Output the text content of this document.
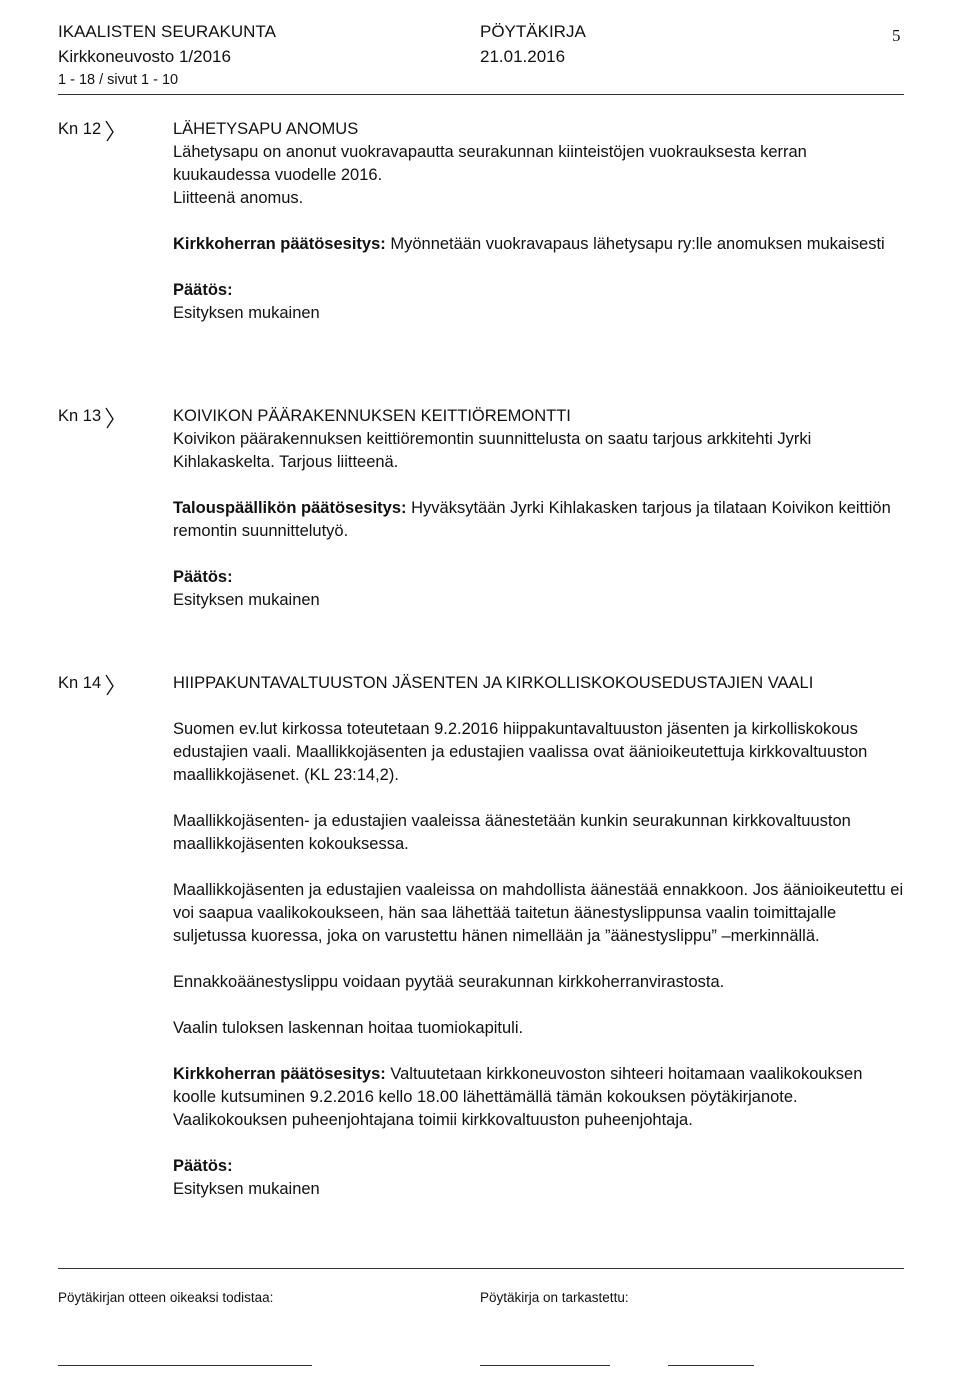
IKAALISTEN SEURAKUNTA	PÖYTÄKIRJA	5
Kirkkoneuvosto 1/2016	21.01.2016
1 - 18 / sivut 1 - 10
Kn 12	LÄHETYSAPU ANOMUS

Lähetysapu on anonut vuokravapautta seurakunnan kiinteistöjen vuokrauksesta kerran kuukaudessa vuodelle 2016.

Liitteenä anomus.

Kirkkoherran päätösesitys: Myönnetään vuokravapaus lähetysapu ry:lle anomuksen mukaisesti

Päätös:

Esityksen mukainen

Kn 13	KOIVIKON PÄÄRAKENNUKSEN KEITTIÖREMONTTI

Koivikon päärakennuksen keittiöremontin suunnittelusta on saatu tarjous arkkitehti Jyrki Kihlakaskelta. Tarjous liitteenä.

Talouspäällikön päätösesitys: Hyväksytään Jyrki Kihlakasken tarjous ja tilataan Koivikon keittiön remontin suunnittelutyö.

Päätös:

Esityksen mukainen

Kn 14	HIIPPAKUNTAVALTUUSTON JÄSENTEN JA KIRKOLLISKOKOUSEDUSTAJIEN VAALI

Suomen ev.lut kirkossa toteutetaan 9.2.2016 hiippakuntavaltuuston jäsenten ja kirkolliskokous edustajien vaali. Maallikkojäsenten ja edustajien vaalissa ovat äänioikeutettuja kirkkovaltuuston maallikkojäsenet. (KL 23:14,2).

Maallikkojäsenten- ja edustajien vaaleissa äänestetään kunkin seurakunnan kirkkovaltuuston maallikkojäsenten kokouksessa.

Maallikkojäsenten ja edustajien vaaleissa on mahdollista äänestää ennakkoon. Jos äänioikeutettu ei voi saapua vaalikokoukseen, hän saa lähettää taitetun äänestyslippunsa vaalin toimittajalle suljetussa kuoressa, joka on varustettu hänen nimellään ja ”äänestyslippu” –merkinnällä.

Ennakkoäänestyslippu voidaan pyytää seurakunnan kirkkoherranvirastosta.

Vaalin tuloksen laskennan hoitaa tuomiokapituli.

Kirkkoherran päätösesitys: Valtuutetaan kirkkoneuvoston sihteeri hoitamaan vaalikokouksen koolle kutsuminen 9.2.2016 kello 18.00 lähettämällä tämän kokouksen pöytäkirjanote. Vaalikokouksen puheenjohtajana toimii kirkkovaltuuston puheenjohtaja.

Päätös:

Esityksen mukainen

Pöytäkirjan otteen oikeaksi todistaa:	Pöytäkirja on tarkastettu:
